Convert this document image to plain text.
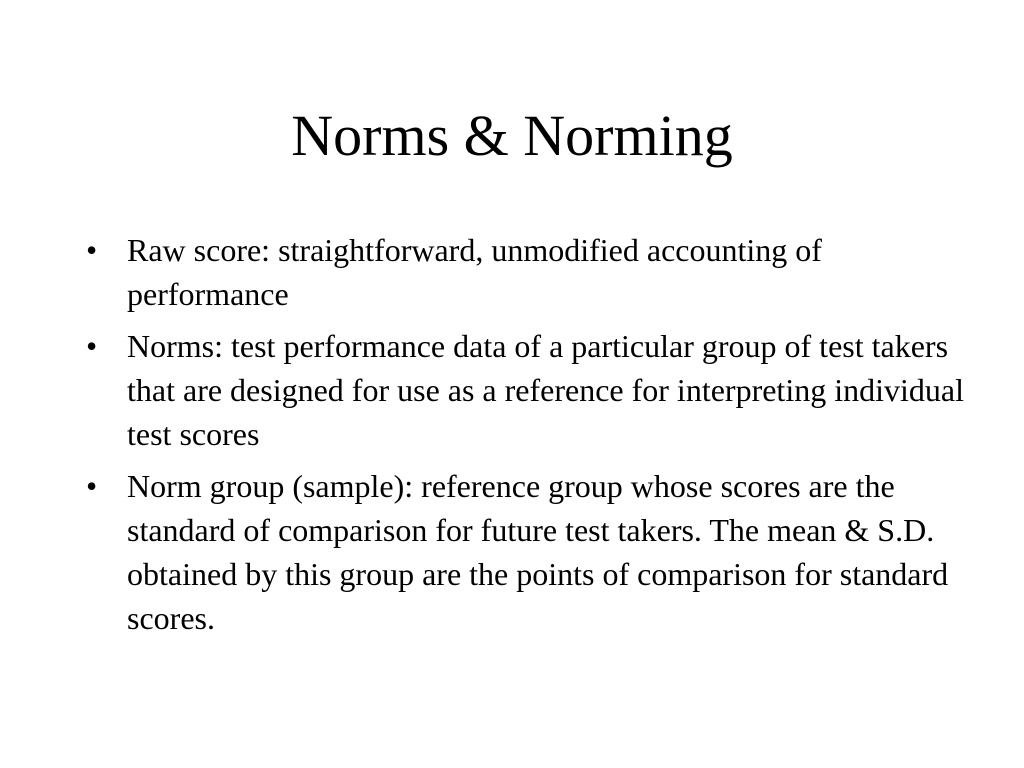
Norms & Norming
• Raw score: straightforward, unmodified accounting of performance
• Norms: test performance data of a particular group of test takers that are designed for use as a reference for interpreting individual test scores
• Norm group (sample): reference group whose scores are the standard of comparison for future test takers. The mean & S.D. obtained by this group are the points of comparison for standard scores.
